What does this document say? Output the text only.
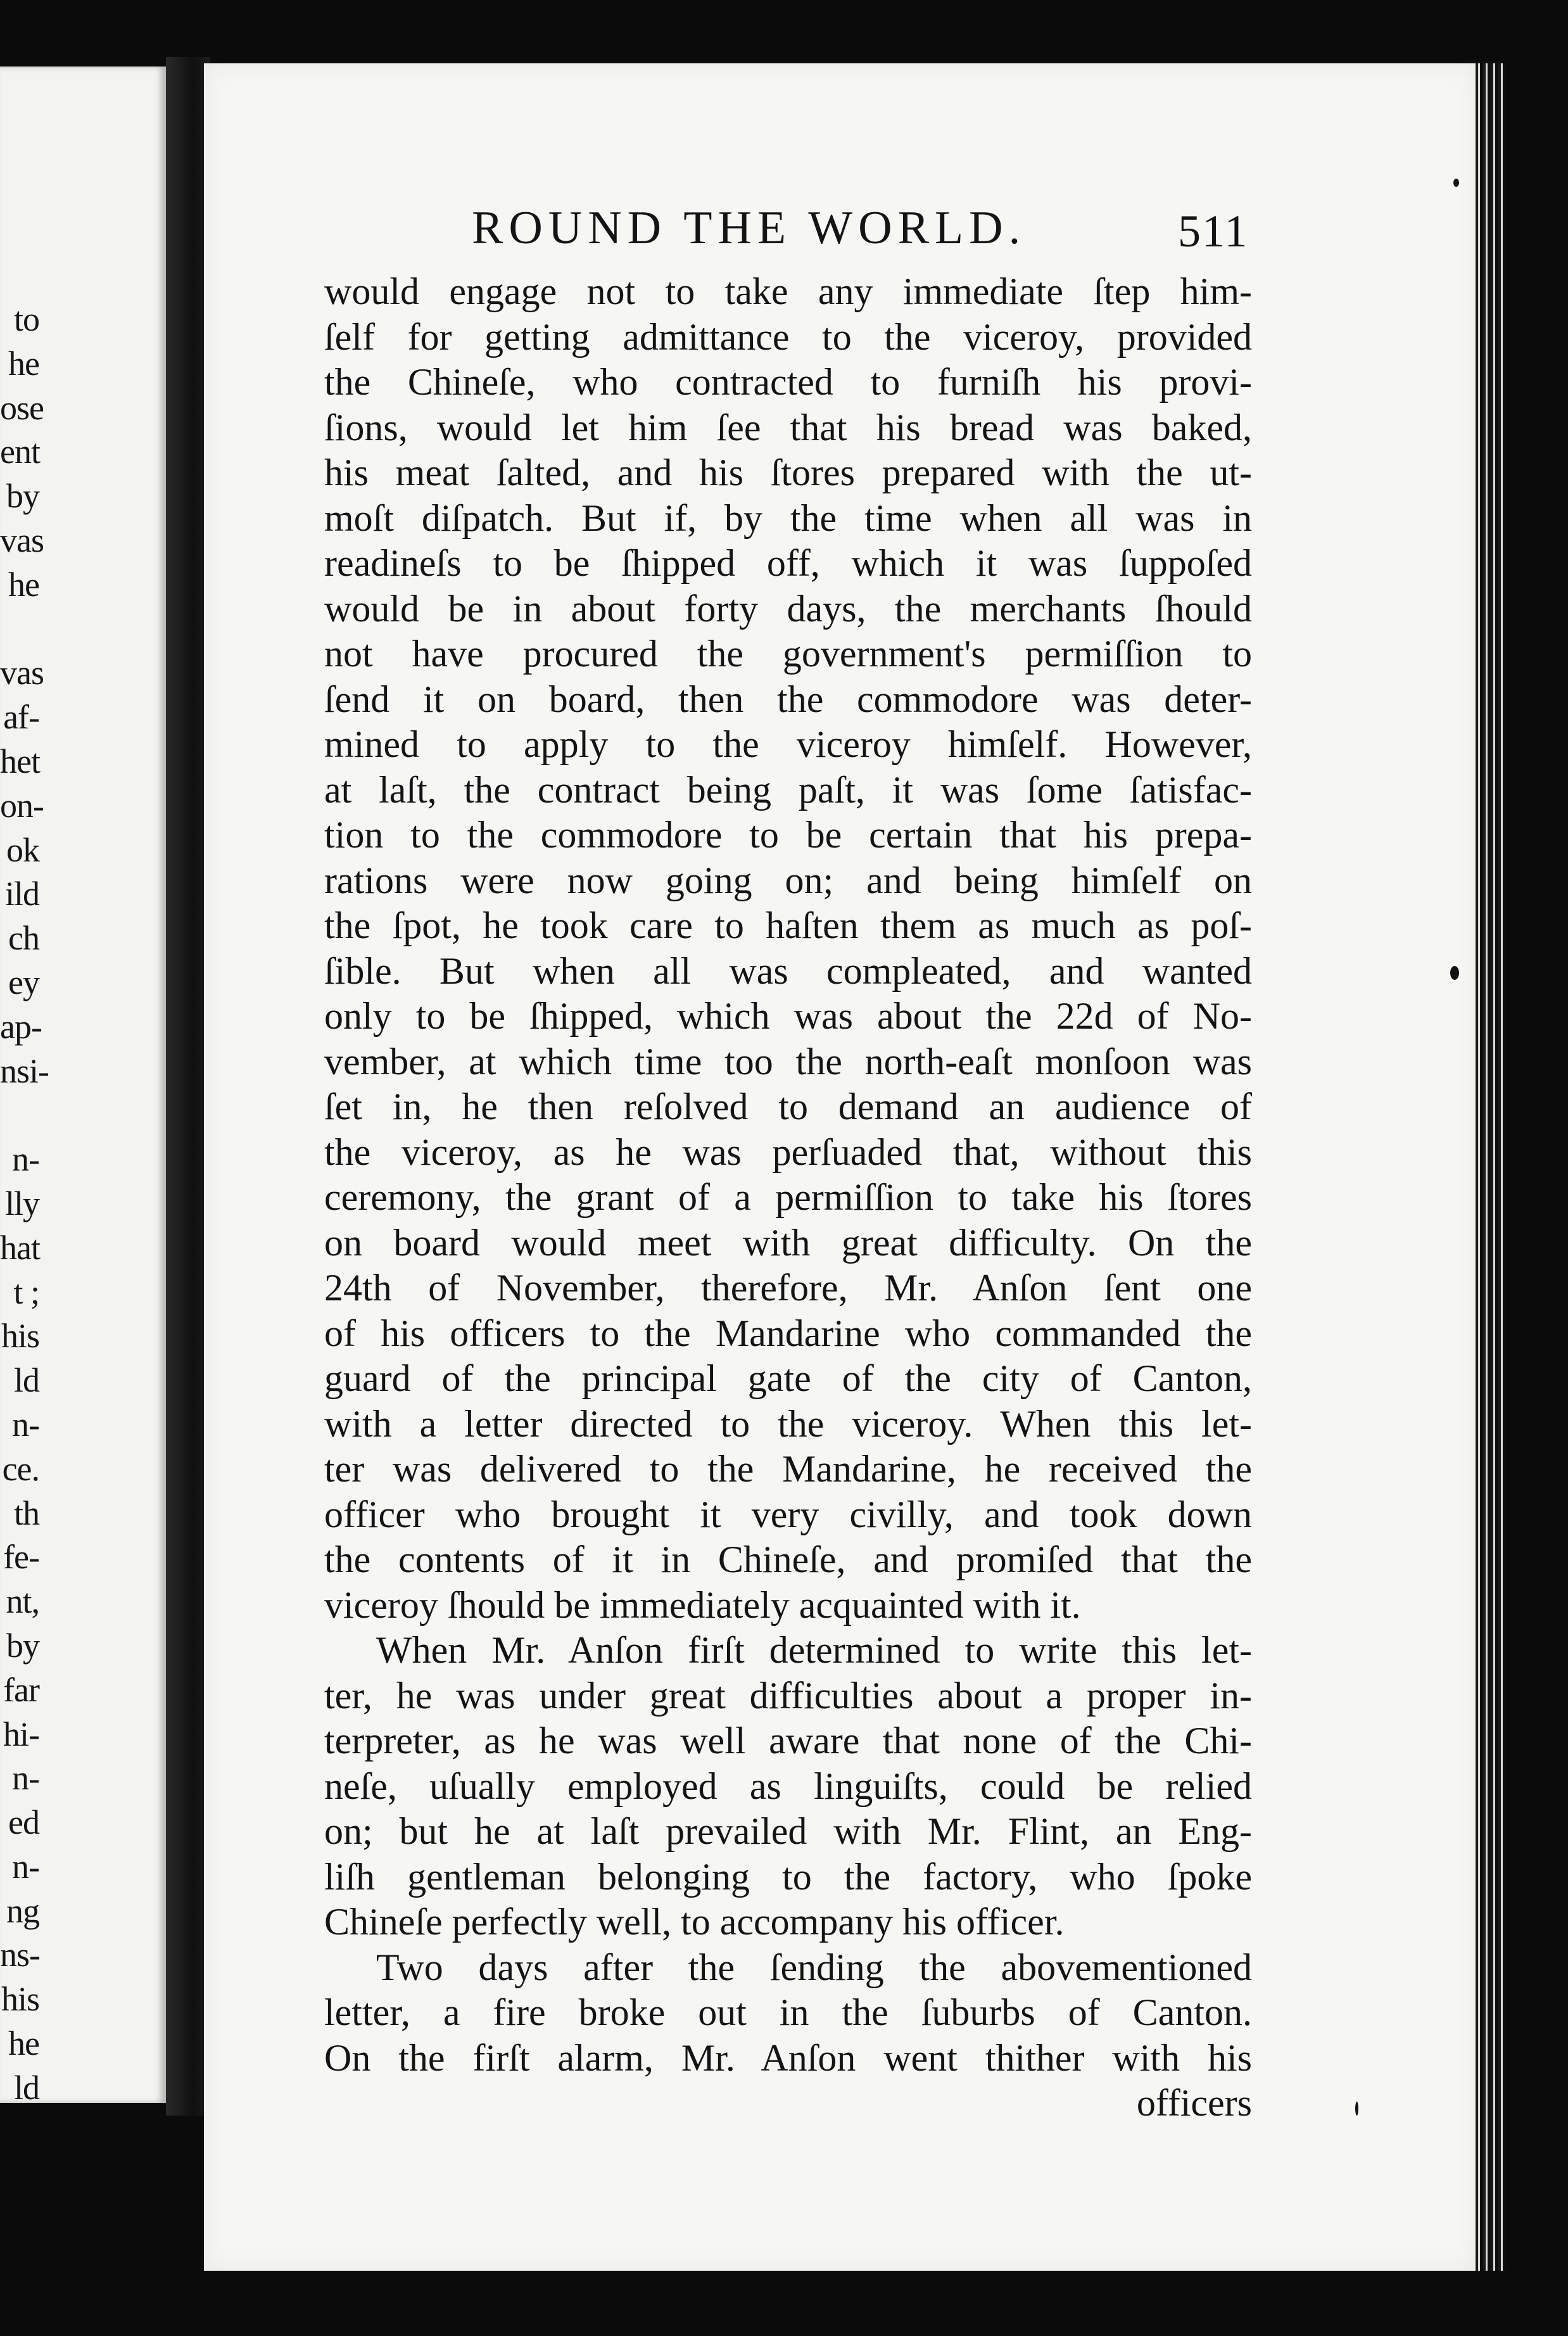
to
he
ose
ent
by
vas
he
vas
af-
het
on-
ok
ild
ch
ey
ap-
nsi-
n-
lly
hat
t ;
his
ld
n-
ce.
th
fe-
nt,
by
far
hi-
n-
ed
n-
ng
ns-
his
he
ld
ROUND THE WORLD.	511
would engage not to take any immediate ſtep him-
ſelf for getting admittance to the viceroy, provided
the Chineſe, who contracted to furniſh his provi-
ſions, would let him ſee that his bread was baked,
his meat ſalted, and his ſtores prepared with the ut-
moſt diſpatch. But if, by the time when all was in
readineſs to be ſhipped off, which it was ſuppoſed
would be in about forty days, the merchants ſhould
not have procured the government's permiſſion to
ſend it on board, then the commodore was deter-
mined to apply to the viceroy himſelf. However,
at laſt, the contract being paſt, it was ſome ſatisfac-
tion to the commodore to be certain that his prepa-
rations were now going on; and being himſelf on
the ſpot, he took care to haſten them as much as poſ-
ſible. But when all was compleated, and wanted
only to be ſhipped, which was about the 22d of No-
vember, at which time too the north-eaſt monſoon was
ſet in, he then reſolved to demand an audience of
the viceroy, as he was perſuaded that, without this
ceremony, the grant of a permiſſion to take his ſtores
on board would meet with great difficulty. On the
24th of November, therefore, Mr. Anſon ſent one
of his officers to the Mandarine who commanded the
guard of the principal gate of the city of Canton,
with a letter directed to the viceroy. When this let-
ter was delivered to the Mandarine, he received the
officer who brought it very civilly, and took down
the contents of it in Chineſe, and promiſed that the
viceroy ſhould be immediately acquainted with it.
When Mr. Anſon firſt determined to write this let-
ter, he was under great difficulties about a proper in-
terpreter, as he was well aware that none of the Chi-
neſe, uſually employed as linguiſts, could be relied
on; but he at laſt prevailed with Mr. Flint, an Eng-
liſh gentleman belonging to the factory, who ſpoke
Chineſe perfectly well, to accompany his officer.
Two days after the ſending the abovementioned
letter, a fire broke out in the ſuburbs of Canton.
On the firſt alarm, Mr. Anſon went thither with his
officers
